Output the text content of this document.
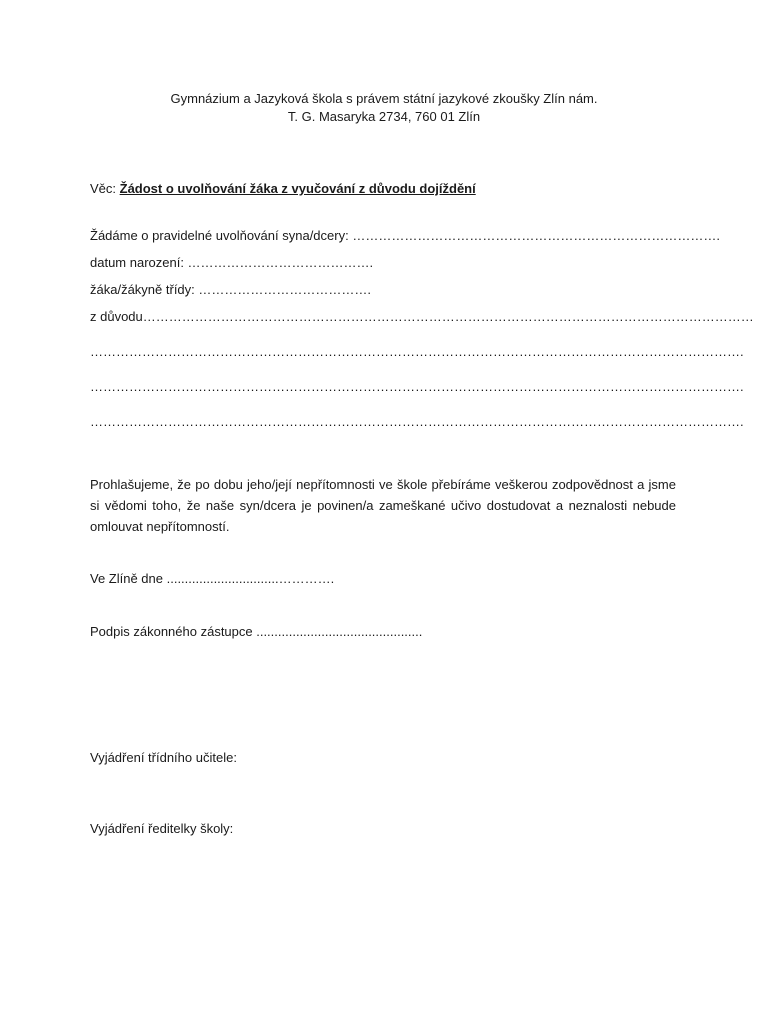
Gymnázium a Jazyková škola s právem státní jazykové zkoušky Zlín nám.
T. G. Masaryka 2734, 760 01 Zlín
Věc: Žádost o uvolňování žáka z vyučování z důvodu dojíždění
Žádáme o pravidelné uvolňování syna/dcery: ………………………………………………………………………….
datum narození: …………………………………….
žáka/žákyně třídy: ………………………………….
z důvodu……………………………………………………………………………………………………………………………
…………………………………………………………………………………………………………………………………….
…………………………………………………………………………………………………………………………………….
…………………………………………………………………………………………………………………………………….
Prohlašujeme, že po dobu jeho/její nepřítomnosti ve škole přebíráme veškerou zodpovědnost a jsme si vědomi toho, že naše syn/dcera je povinen/a zameškané učivo dostudovat a neznalosti nebude omlouvat nepřítomností.
Ve Zlíně dne ...............................………….
Podpis zákonného zástupce ..............................................
Vyjádření třídního učitele:
Vyjádření ředitelky školy:
